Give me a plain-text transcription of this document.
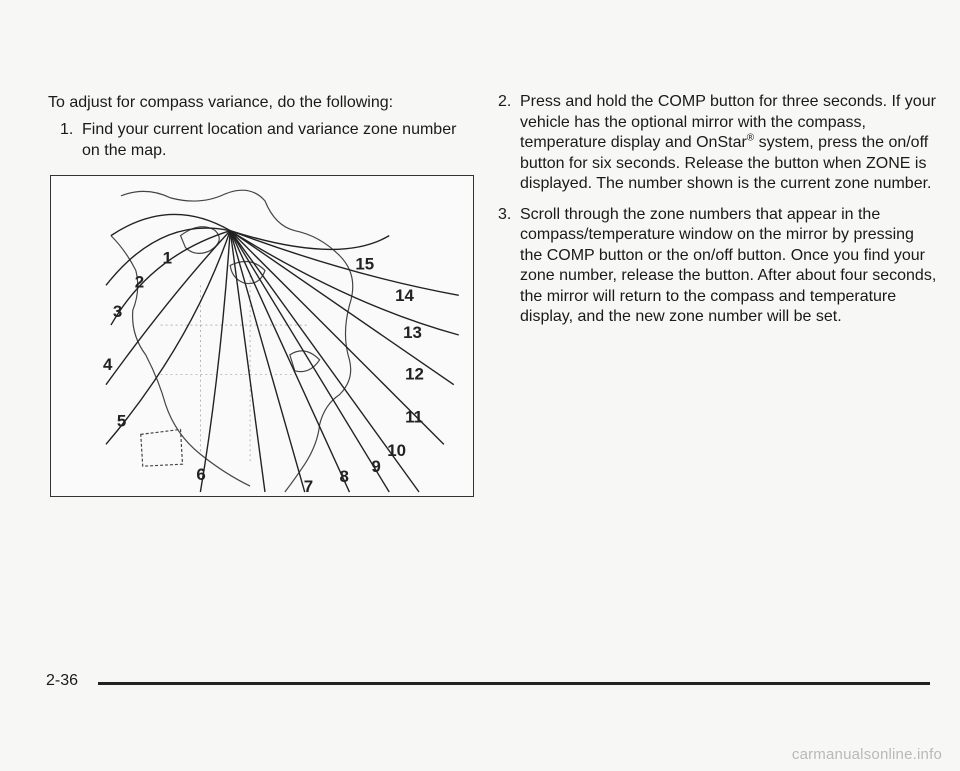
To adjust for compass variance, do the following:

1. Find your current location and variance zone number on the map.
1
2
3
4
5
6
7
8
9
10
11
12
13
14
15
2. Press and hold the COMP button for three seconds. If your vehicle has the optional mirror with the compass, temperature display and OnStar® system, press the on/off button for six seconds. Release the button when ZONE is displayed. The number shown is the current zone number.
3. Scroll through the zone numbers that appear in the compass/temperature window on the mirror by pressing the COMP button or the on/off button. Once you find your zone number, release the button. After about four seconds, the mirror will return to the compass and temperature display, and the new zone number will be set.
2-36
carmanualsonline.info
